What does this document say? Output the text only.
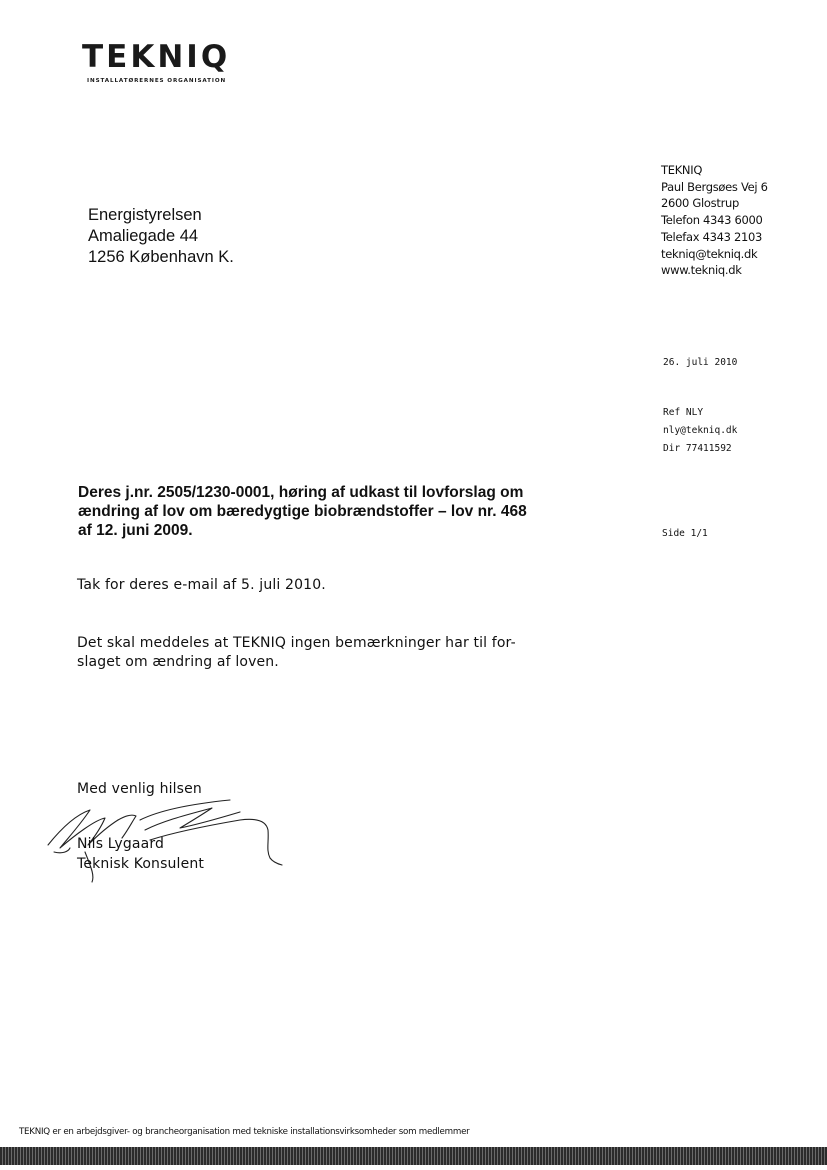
TEKNIQ
INSTALLATØRERNES ORGANISATION
Energistyrelsen
Amaliegade 44
1256 København K.
TEKNIQ
Paul Bergsøes Vej 6
2600 Glostrup
Telefon 4343 6000
Telefax 4343 2103
tekniq@tekniq.dk
www.tekniq.dk
26. juli 2010
Ref NLY
nly@tekniq.dk
Dir 77411592
Side 1/1
Deres j.nr. 2505/1230-0001, høring af udkast til lovforslag om
ændring af lov om bæredygtige biobrændstoffer – lov nr. 468
af 12. juni 2009.
Tak for deres e-mail af 5. juli 2010.
Det skal meddeles at TEKNIQ ingen bemærkninger har til for-
slaget om ændring af loven.
Med venlig hilsen
Nils Lygaard
Teknisk Konsulent
TEKNIQ er en arbejdsgiver- og brancheorganisation med tekniske installationsvirksomheder som medlemmer
